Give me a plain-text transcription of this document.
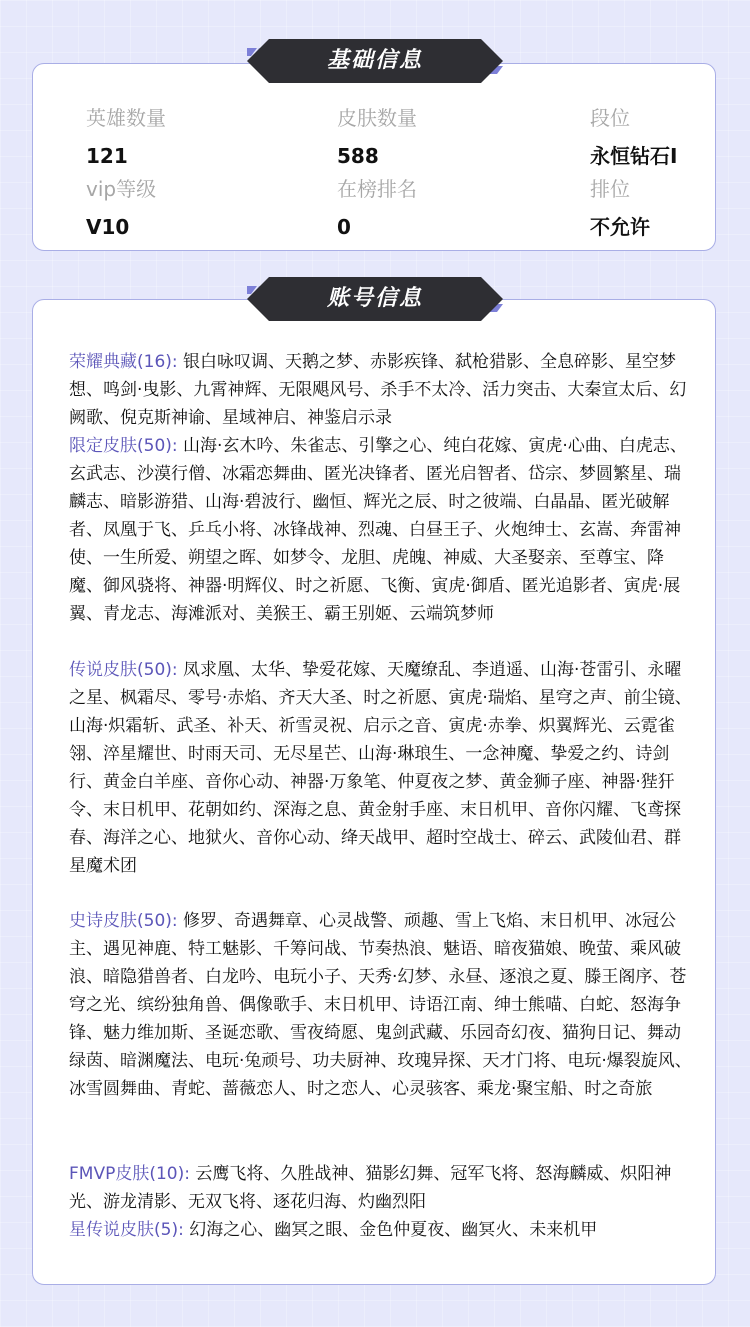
英雄数量
121
皮肤数量
588
段位
永恒钻石I
vip等级
V10
在榜排名
0
排位
不允许
基础信息
荣耀典藏(16): 银白咏叹调、天鹅之梦、赤影疾锋、弑枪猎影、全息碎影、星空梦想、鸣剑·曳影、九霄神辉、无限飓风号、杀手不太冷、活力突击、大秦宣太后、幻阙歌、倪克斯神谕、星域神启、神鉴启示录
限定皮肤(50): 山海·玄木吟、朱雀志、引擎之心、纯白花嫁、寅虎·心曲、白虎志、玄武志、沙漠行僧、冰霜恋舞曲、匿光决锋者、匿光启智者、岱宗、梦圆繁星、瑞麟志、暗影游猎、山海·碧波行、幽恒、辉光之辰、时之彼端、白晶晶、匿光破解者、凤凰于飞、乒乓小将、冰锋战神、烈魂、白昼王子、火炮绅士、玄嵩、奔雷神使、一生所爱、朔望之晖、如梦令、龙胆、虎魄、神威、大圣娶亲、至尊宝、降魔、御风骁将、神器·明辉仪、时之祈愿、飞衡、寅虎·御盾、匿光追影者、寅虎·展翼、青龙志、海滩派对、美猴王、霸王别姬、云端筑梦师
传说皮肤(50): 凤求凰、太华、挚爱花嫁、天魔缭乱、李逍遥、山海·苍雷引、永曜之星、枫霜尽、零号·赤焰、齐天大圣、时之祈愿、寅虎·瑞焰、星穹之声、前尘镜、山海·炽霜斩、武圣、补天、祈雪灵祝、启示之音、寅虎·赤拳、炽翼辉光、云霓雀翎、淬星耀世、时雨天司、无尽星芒、山海·琳琅生、一念神魔、挚爱之约、诗剑行、黄金白羊座、音你心动、神器·万象笔、仲夏夜之梦、黄金狮子座、神器·狴犴令、末日机甲、花朝如约、深海之息、黄金射手座、末日机甲、音你闪耀、飞鸢探春、海洋之心、地狱火、音你心动、绛天战甲、超时空战士、碎云、武陵仙君、群星魔术团
史诗皮肤(50): 修罗、奇遇舞章、心灵战警、顽趣、雪上飞焰、末日机甲、冰冠公主、遇见神鹿、特工魅影、千筹问战、节奏热浪、魅语、暗夜猫娘、晚萤、乘风破浪、暗隐猎兽者、白龙吟、电玩小子、天秀·幻梦、永昼、逐浪之夏、滕王阁序、苍穹之光、缤纷独角兽、偶像歌手、末日机甲、诗语江南、绅士熊喵、白蛇、怒海争锋、魅力维加斯、圣诞恋歌、雪夜绮愿、鬼剑武藏、乐园奇幻夜、猫狗日记、舞动绿茵、暗渊魔法、电玩·兔顽号、功夫厨神、玫瑰异探、天才门将、电玩·爆裂旋风、冰雪圆舞曲、青蛇、蔷薇恋人、时之恋人、心灵骇客、乘龙·聚宝船、时之奇旅
FMVP皮肤(10): 云鹰飞将、久胜战神、猫影幻舞、冠军飞将、怒海麟威、炽阳神光、游龙清影、无双飞将、逐花归海、灼幽烈阳
星传说皮肤(5): 幻海之心、幽冥之眼、金色仲夏夜、幽冥火、未来机甲
账号信息
